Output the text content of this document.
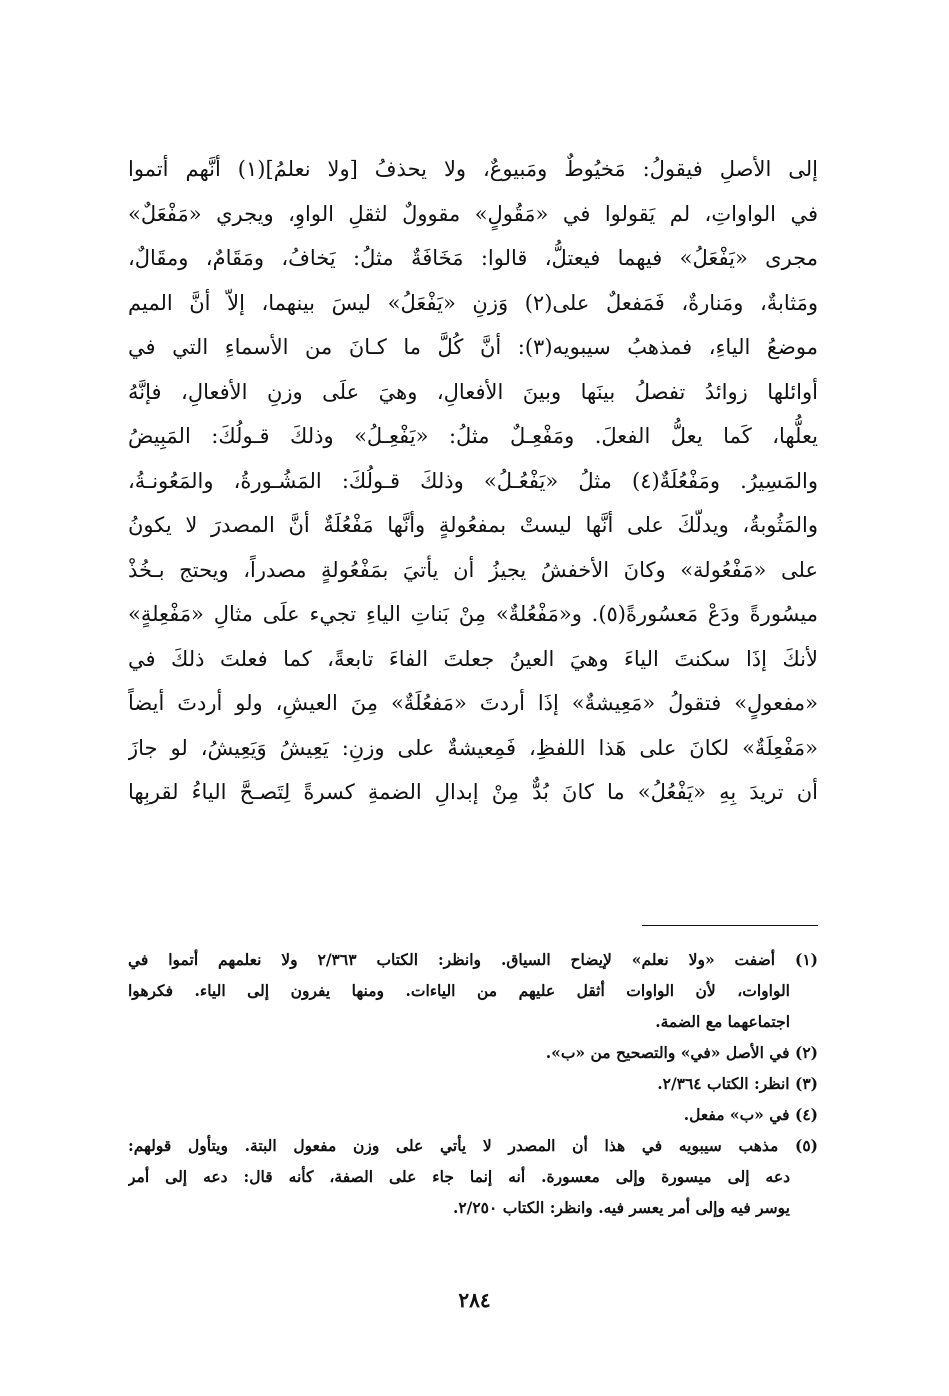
إلى الأصلِ فيقولُ: مَخيُوطٌ ومَبيوعٌ، ولا يحذفُ [ولا نعلمُ](١) أنَّهم أتموا
في الواواتِ، لم يَقولوا في «مَقُولٍ» مقوولٌ لثقلِ الواوِ، ويجري «مَفْعَلٌ»
مجرى «يَفْعَلُ» فيهما فيعتلُّ، قالوا: مَخَافَةٌ مثلُ: يَخافُ، ومَقَامٌ، ومقَالٌ،
ومَثابةٌ، ومَنارةٌ، فَمَفعلٌ على(٢) وَزنِ «يَفْعَلُ» ليسَ بينهما، إلاّ أنَّ الميم
موضعُ الياءِ، فمذهبُ سيبويه(٣): أنَّ كُلَّ ما كـانَ من الأسماءِ التي في
أوائلها زوائدُ تفصلُ بينَها وبينَ الأفعالِ، وهيَ علَى وزنِ الأفعالِ، فإنَّهُ
يعلُّها، كَما يعلُّ الفعلَ. ومَفْعِـلٌ مثلُ: «يَفْعِـلُ» وذلكَ قـولُكَ: المَبِيضُ
والمَسِيرُ. ومَفْعُلَةٌ(٤) مثلُ «يَفْعُـلُ» وذلكَ قـولُكَ: المَشُـورةُ، والمَعُونـةُ،
والمَثُوبةُ، ويدلّكَ على أنَّها ليستْ بمفعُولةٍ وأنَّها مَفْعُلَةٌ أنَّ المصدرَ لا يكونُ
على «مَفْعُولة» وكانَ الأخفشُ يجيزُ أن يأتيَ بمَفْعُولةٍ مصدراً، ويحتج بـخُذْ
ميسُورةً ودَعْ مَعسُورةً(٥). و«مَفْعُلةٌ» مِنْ بَناتِ الياءِ تجيء علَى مثالِ «مَفْعِلةٍ»
لأنكَ إذَا سكنتَ الياءَ وهيَ العينُ جعلتَ الفاءَ تابعةً، كما فعلتَ ذلكَ في
«مفعولٍ» فتقولُ «مَعِيشةٌ» إذَا أردتَ «مَفعُلَةٌ» مِنَ العيشِ، ولو أردتَ أيضاً
«مَفْعِلَةٌ» لكانَ على هَذا اللفظِ، فَمِعيشةٌ على وزنِ: يَعِيشُ وَيَعِيشُ، لو جازَ
أن تريدَ بِهِ «يَفْعُلُ» ما كانَ بُدٌّ مِنْ إبدالِ الضمةِ كسرةً لِتَصـحَّ الياءُ لقربِها
(١) أضفت «ولا نعلم» لإيضاح السياق. وانظر: الكتاب ٢/٣٦٣ ولا نعلمهم أتموا في
الواوات، لأن الواوات أثقل عليهم من الياءات. ومنها يفرون إلى الياء. فكرهوا
اجتماعهما مع الضمة.
(٢) في الأصل «في» والتصحيح من «ب».
(٣) انظر: الكتاب ٢/٣٦٤.
(٤) في «ب» مفعل.
(٥) مذهب سيبويه في هذا أن المصدر لا يأتي على وزن مفعول البتة. ويتأول قولهم:
دعه إلى ميسورة وإلى معسورة. أنه إنما جاء على الصفة، كأنه قال: دعه إلى أمر
يوسر فيه وإلى أمر يعسر فيه. وانظر: الكتاب ٢/٢٥٠.
٢٨٤
